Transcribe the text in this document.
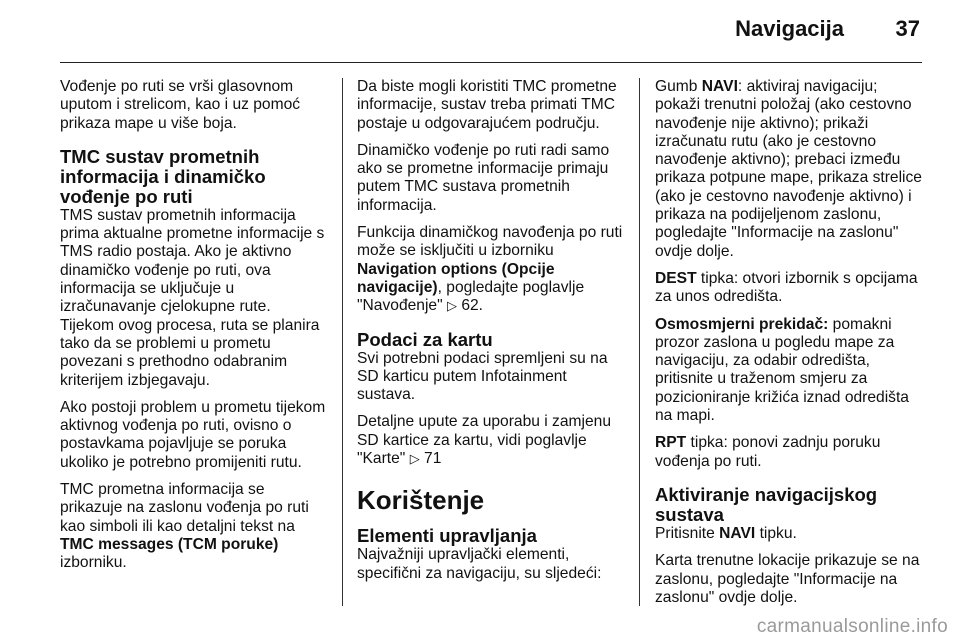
Navigacija 37

Vođenje po ruti se vrši glasovnom uputom i strelicom, kao i uz pomoć prikaza mape u više boja.

TMC sustav prometnih informacija i dinamičko vođenje po ruti

TMS sustav prometnih informacija prima aktualne prometne informacije s TMS radio postaja. Ako je aktivno dinamičko vođenje po ruti, ova informacija se uključuje u izračunavanje cjelokupne rute. Tijekom ovog procesa, ruta se planira tako da se problemi u prometu povezani s prethodno odabranim kriterijem izbjegavaju.

Ako postoji problem u prometu tijekom aktivnog vođenja po ruti, ovisno o postavkama pojavljuje se poruka ukoliko je potrebno promijeniti rutu.

TMC prometna informacija se prikazuje na zaslonu vođenja po ruti kao simboli ili kao detaljni tekst na TMC messages (TCM poruke) izborniku.

Da biste mogli koristiti TMC prometne informacije, sustav treba primati TMC postaje u odgovarajućem području.

Dinamičko vođenje po ruti radi samo ako se prometne informacije primaju putem TMC sustava prometnih informacija.

Funkcija dinamičkog navođenja po ruti može se isključiti u izborniku Navigation options (Opcije navigacije), pogledajte poglavlje "Navođenje" ▷ 62.

Podaci za kartu

Svi potrebni podaci spremljeni su na SD karticu putem Infotainment sustava.

Detaljne upute za uporabu i zamjenu SD kartice za kartu, vidi poglavlje "Karte" ▷ 71

Korištenje
Elementi upravljanja

Najvažniji upravljački elementi, specifični za navigaciju, su sljedeći:

Gumb NAVI: aktiviraj navigaciju; pokaži trenutni položaj (ako cestovno navođenje nije aktivno); prikaži izračunatu rutu (ako je cestovno navođenje aktivno); prebaci između prikaza potpune mape, prikaza strelice (ako je cestovno navođenje aktivno) i prikaza na podijeljenom zaslonu, pogledajte "Informacije na zaslonu" ovdje dolje.

DEST tipka: otvori izbornik s opcijama za unos odredišta.

Osmosmjerni prekidač: pomakni prozor zaslona u pogledu mape za navigaciju, za odabir odredišta, pritisnite u traženom smjeru za pozicioniranje križića iznad odredišta na mapi.

RPT tipka: ponovi zadnju poruku vođenja po ruti.

Aktiviranje navigacijskog sustava

Pritisnite NAVI tipku.

Karta trenutne lokacije prikazuje se na zaslonu, pogledajte "Informacije na zaslonu" ovdje dolje.

carmanualsonline.info
